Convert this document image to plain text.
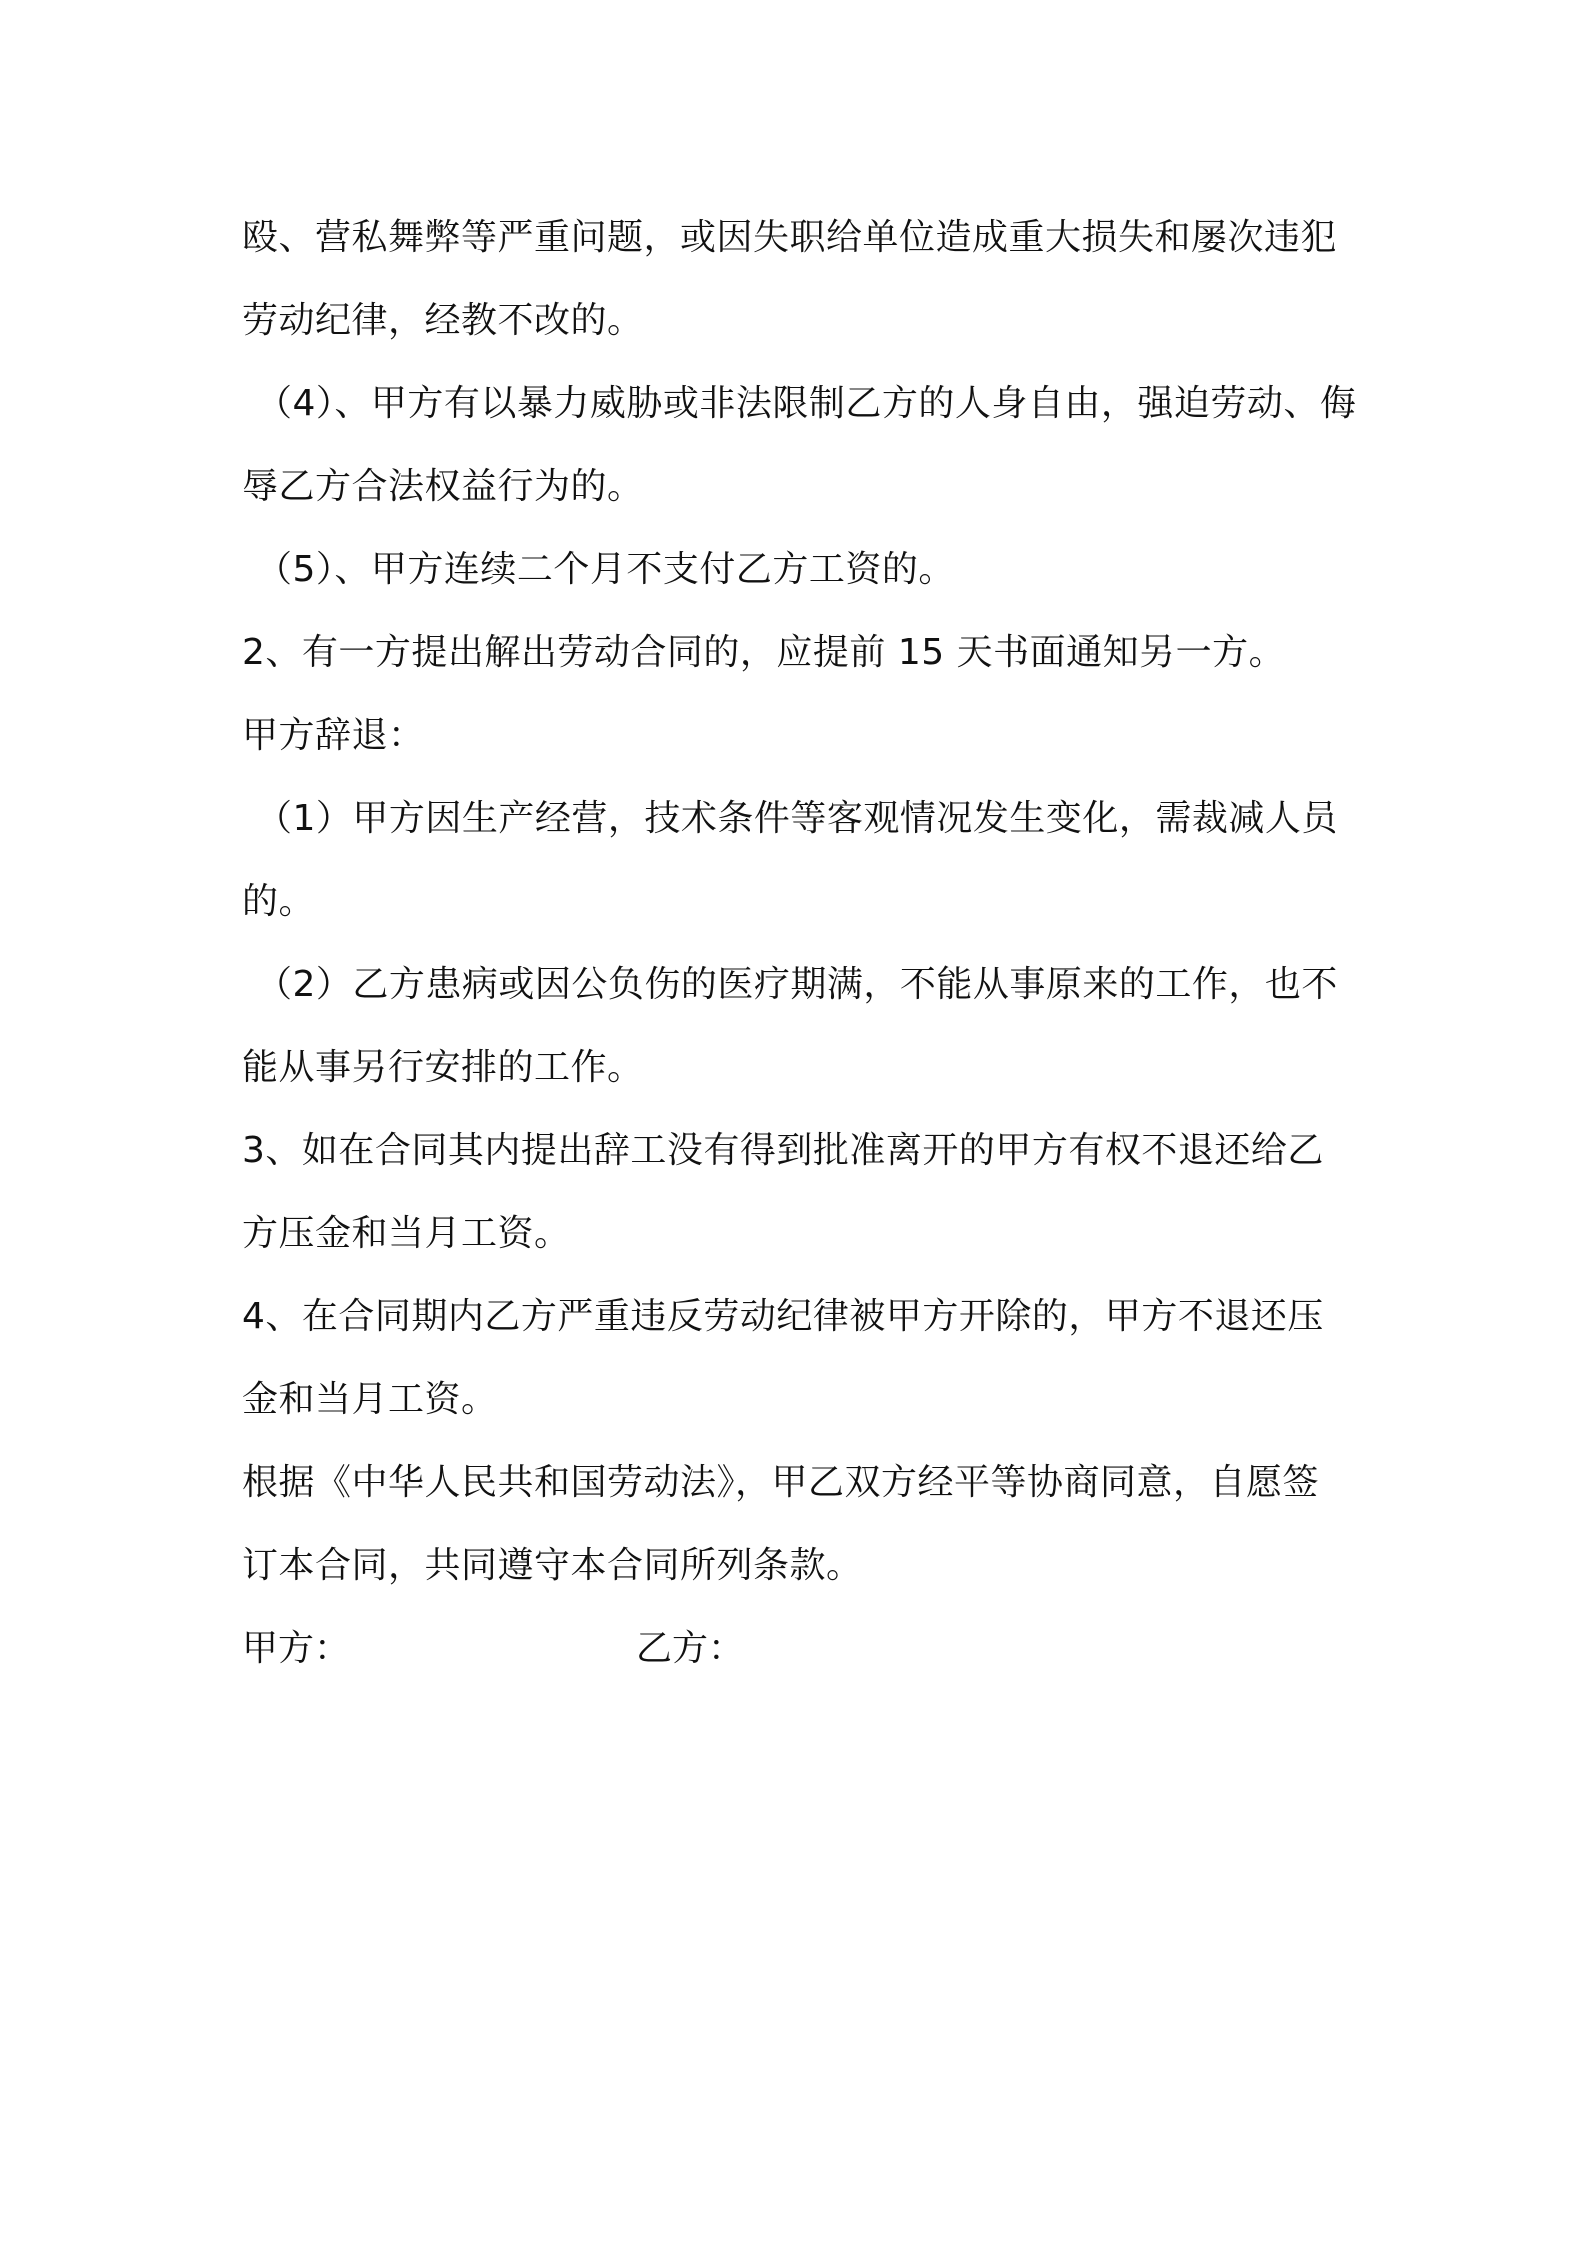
殴、营私舞弊等严重问题，或因失职给单位造成重大损失和屡次违犯
劳动纪律，经教不改的。
（4）、甲方有以暴力威胁或非法限制乙方的人身自由，强迫劳动、侮
辱乙方合法权益行为的。
（5）、甲方连续二个月不支付乙方工资的。
2、有一方提出解出劳动合同的，应提前 15 天书面通知另一方。
甲方辞退：
（1）甲方因生产经营，技术条件等客观情况发生变化，需裁减人员
的。
（2）乙方患病或因公负伤的医疗期满，不能从事原来的工作，也不
能从事另行安排的工作。
3、如在合同其内提出辞工没有得到批准离开的甲方有权不退还给乙
方压金和当月工资。
4、在合同期内乙方严重违反劳动纪律被甲方开除的，甲方不退还压
金和当月工资。
根据《中华人民共和国劳动法》，甲乙双方经平等协商同意，自愿签
订本合同，共同遵守本合同所列条款。
甲方：	乙方：
